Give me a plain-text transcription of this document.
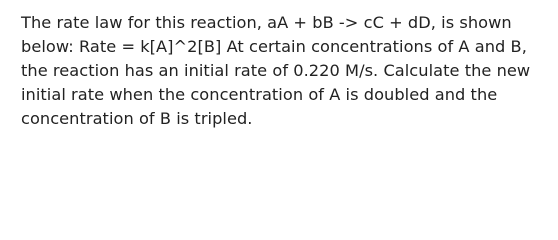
The rate law for this reaction, aA + bB -> cC + dD, is shown below: Rate = k[A]^2[B] At certain concentrations of A and B, the reaction has an initial rate of 0.220 M/s. Calculate the new initial rate when the concentration of A is doubled and the concentration of B is tripled.
